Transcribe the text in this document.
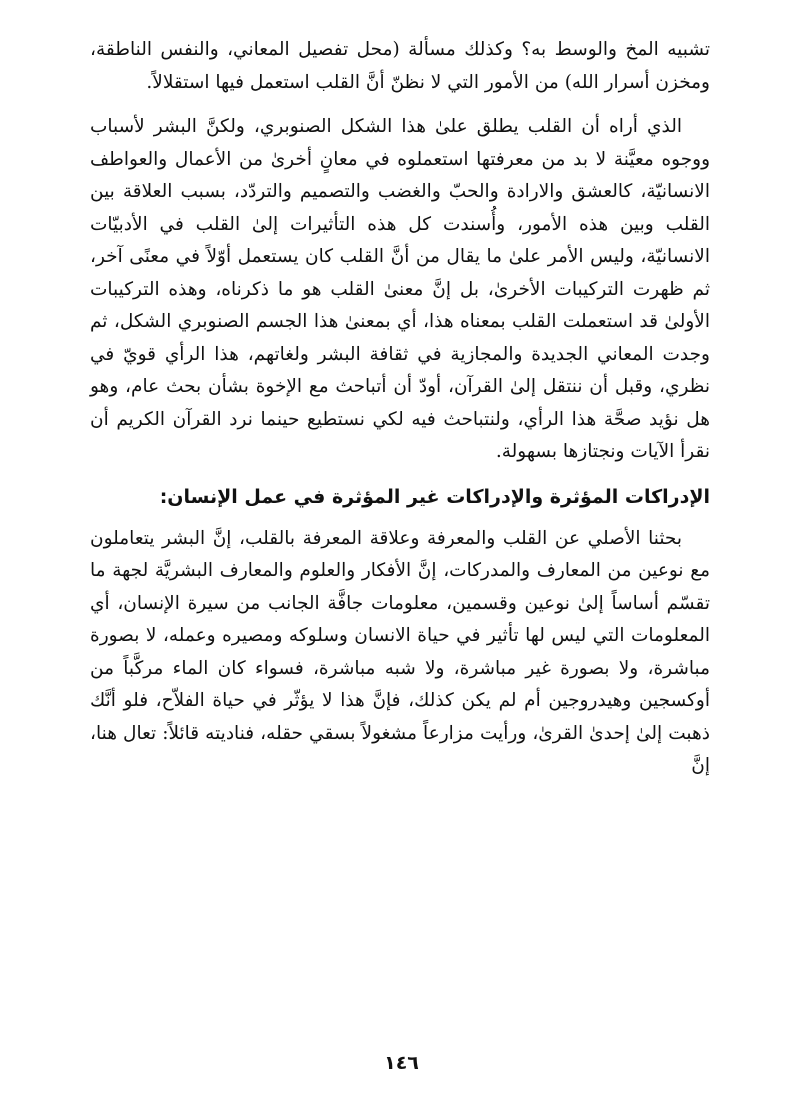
تشبيه المخ والوسط به؟ وكذلك مسألة (محل تفصيل المعاني، والنفس الناطقة، ومخزن أسرار الله) من الأمور التي لا نظنّ أنَّ القلب استعمل فيها استقلالاً.

الذي أراه أن القلب يطلق علىٰ هذا الشكل الصنوبري، ولكنَّ البشر لأسباب ووجوه معيَّنة لا بد من معرفتها استعملوه في معانٍ أخرىٰ من الأعمال والعواطف الانسانيّة، كالعشق والارادة والحبّ والغضب والتصميم والتردّد، بسبب العلاقة بين القلب وبين هذه الأمور، وأُسندت كل هذه التأثيرات إلىٰ القلب في الأدبيّات الانسانيّة، وليس الأمر علىٰ ما يقال من أنَّ القلب كان يستعمل أوّلاً في معنًى آخر، ثم ظهرت التركيبات الأخرىٰ، بل إنَّ معنىٰ القلب هو ما ذكرناه، وهذه التركيبات الأولىٰ قد استعملت القلب بمعناه هذا، أي بمعنىٰ هذا الجسم الصنوبري الشكل، ثم وجدت المعاني الجديدة والمجازية في ثقافة البشر ولغاتهم، هذا الرأي قويّ في نظري، وقبل أن ننتقل إلىٰ القرآن، أودّ أن أتباحث مع الإخوة بشأن بحث عام، وهو هل نؤيد صحَّة هذا الرأي، ولنتباحث فيه لكي نستطيع حينما نرد القرآن الكريم أن نقرأ الآيات ونجتازها بسهولة.

الإدراكات المؤثرة والإدراكات غير المؤثرة في عمل الإنسان:

بحثنا الأصلي عن القلب والمعرفة وعلاقة المعرفة بالقلب، إنَّ البشر يتعاملون مع نوعين من المعارف والمدركات، إنَّ الأفكار والعلوم والمعارف البشريَّة لجهة ما تقسّم أساساً إلىٰ نوعين وقسمين، معلومات جافَّة الجانب من سيرة الإنسان، أي المعلومات التي ليس لها تأثير في حياة الانسان وسلوكه ومصيره وعمله، لا بصورة مباشرة، ولا بصورة غير مباشرة، ولا شبه مباشرة، فسواء كان الماء مركَّباً من أوكسجين وهيدروجين أم لم يكن كذلك، فإنَّ هذا لا يؤثّر في حياة الفلاّح، فلو أنَّك ذهبت إلىٰ إحدىٰ القرىٰ، ورأيت مزارعاً مشغولاً بسقي حقله، فناديته قائلاً: تعال هنا، إنَّ

١٤٦
